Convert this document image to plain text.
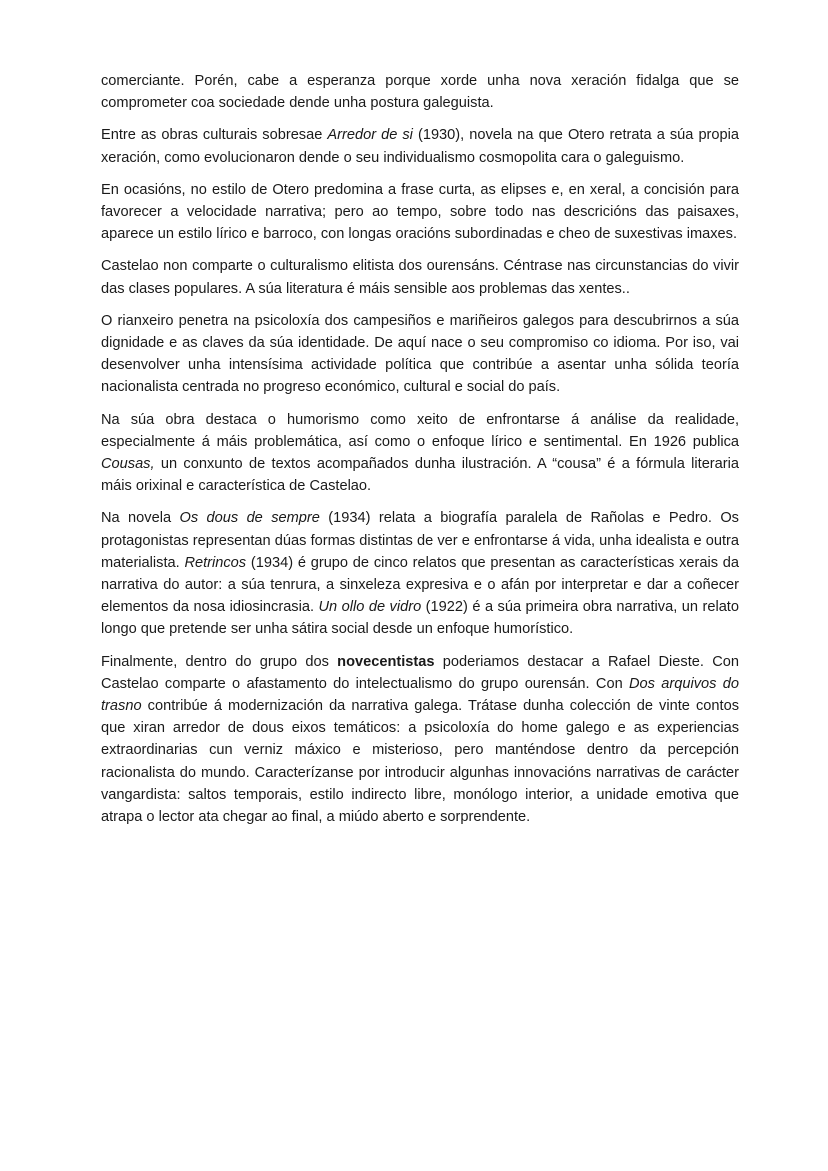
comerciante. Porén, cabe a esperanza porque xorde unha nova xeración fidalga que se comprometer coa sociedade dende unha postura galeguista.

Entre as obras culturais sobresae Arredor de si (1930), novela na que Otero retrata a súa propia xeración, como evolucionaron dende o seu individualismo cosmopolita cara o galeguismo.

En ocasións, no estilo de Otero predomina a frase curta, as elipses e, en xeral, a concisión para favorecer a velocidade narrativa; pero ao tempo, sobre todo nas descricións das paisaxes, aparece un estilo lírico e barroco, con longas oracións subordinadas e cheo de suxestivas imaxes.

Castelao non comparte o culturalismo elitista dos ourensáns. Céntrase nas circunstancias do vivir das clases populares. A súa literatura é máis sensible aos problemas das xentes..

O rianxeiro penetra na psicoloxía dos campesiños e mariñeiros galegos para descubrirnos a súa dignidade e as claves da súa identidade. De aquí nace o seu compromiso co idioma. Por iso, vai desenvolver unha intensísima actividade política que contribúe a asentar unha sólida teoría nacionalista centrada no progreso económico, cultural e social do país.

Na súa obra destaca o humorismo como xeito de enfrontarse á análise da realidade, especialmente á máis problemática, así como o enfoque lírico e sentimental. En 1926 publica Cousas, un conxunto de textos acompañados dunha ilustración. A “cousa” é a fórmula literaria máis orixinal e característica de Castelao.

Na novela Os dous de sempre (1934) relata a biografía paralela de Rañolas e Pedro. Os protagonistas representan dúas formas distintas de ver e enfrontarse á vida, unha idealista e outra materialista. Retrincos (1934) é grupo de cinco relatos que presentan as características xerais da narrativa do autor: a súa tenrura, a sinxeleza expresiva e o afán por interpretar e dar a coñecer elementos da nosa idiosincrasia. Un ollo de vidro (1922) é a súa primeira obra narrativa, un relato longo que pretende ser unha sátira social desde un enfoque humorístico.

Finalmente, dentro do grupo dos novecentistas poderiamos destacar a Rafael Dieste. Con Castelao comparte o afastamento do intelectualismo do grupo ourensán. Con Dos arquivos do trasno contribúe á modernización da narrativa galega. Trátase dunha colección de vinte contos que xiran arredor de dous eixos temáticos: a psicoloxía do home galego e as experiencias extraordinarias cun verniz máxico e misterioso, pero manténdose dentro da percepción racionalista do mundo. Caracterízanse por introducir algunhas innovacións narrativas de carácter vangardista: saltos temporais, estilo indirecto libre, monólogo interior, a unidade emotiva que atrapa o lector ata chegar ao final, a miúdo aberto e sorprendente.
